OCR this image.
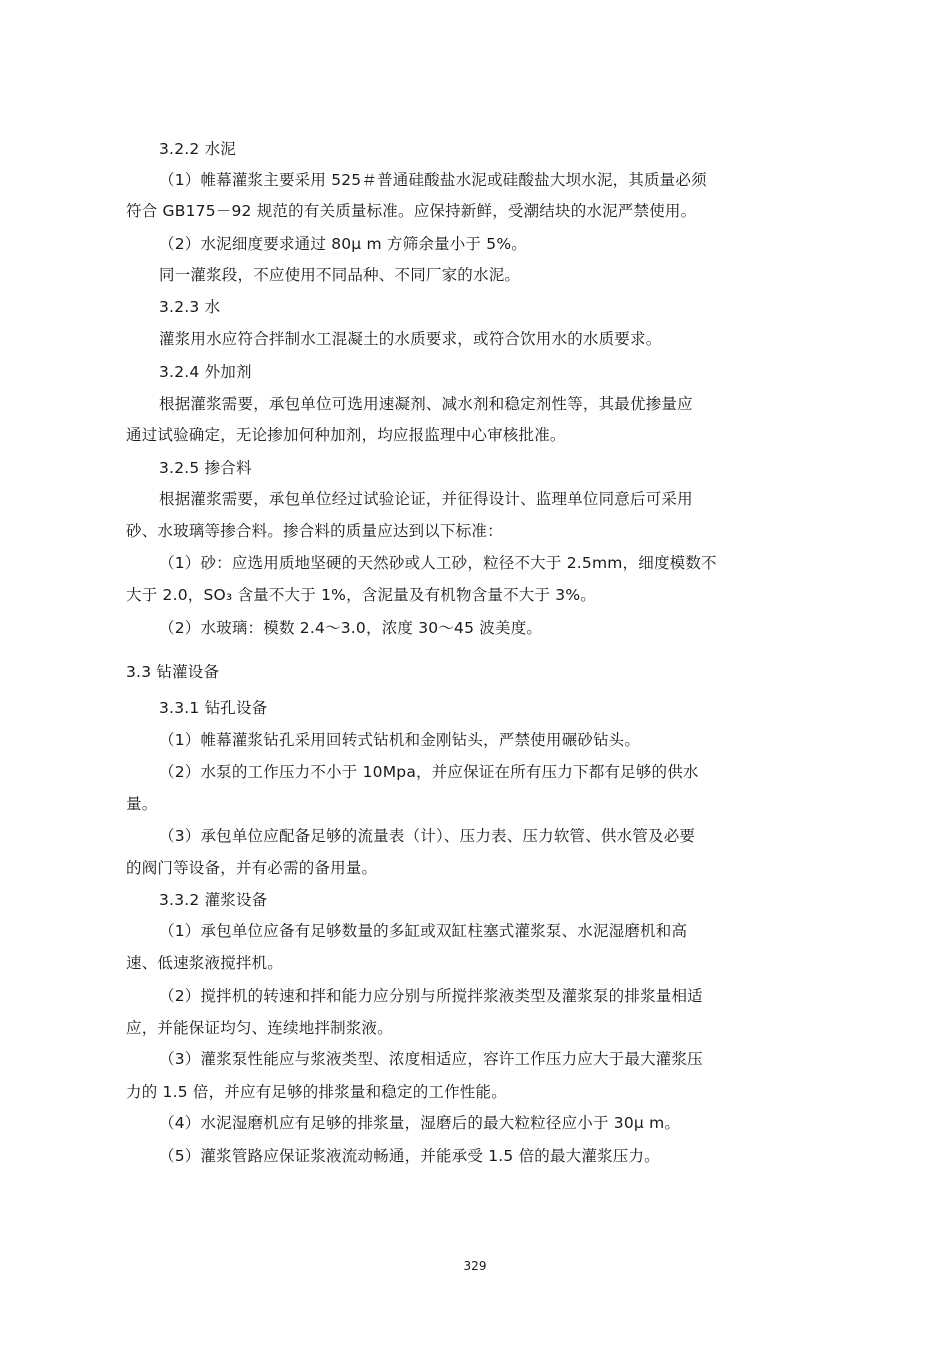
3.2.2 水泥

（1）帷幕灌浆主要采用 525＃普通硅酸盐水泥或硅酸盐大坝水泥，其质量必须

符合 GB175－92 规范的有关质量标准。应保持新鲜，受潮结块的水泥严禁使用。

（2）水泥细度要求通过 80μ m 方筛余量小于 5%。

同一灌浆段，不应使用不同品种、不同厂家的水泥。

3.2.3 水

灌浆用水应符合拌制水工混凝土的水质要求，或符合饮用水的水质要求。

3.2.4 外加剂

根据灌浆需要，承包单位可选用速凝剂、减水剂和稳定剂性等，其最优掺量应

通过试验确定，无论掺加何种加剂，均应报监理中心审核批准。

3.2.5 掺合料

根据灌浆需要，承包单位经过试验论证，并征得设计、监理单位同意后可采用

砂、水玻璃等掺合料。掺合料的质量应达到以下标准：

（1）砂：应选用质地坚硬的天然砂或人工砂，粒径不大于 2.5mm，细度模数不

大于 2.0，SO₃ 含量不大于 1%，含泥量及有机物含量不大于 3%。

（2）水玻璃：模数 2.4～3.0，浓度 30～45 波美度。

3.3 钻灌设备

3.3.1 钻孔设备

（1）帷幕灌浆钻孔采用回转式钻机和金刚钻头，严禁使用碾砂钻头。

（2）水泵的工作压力不小于 10Mpa，并应保证在所有压力下都有足够的供水

量。

（3）承包单位应配备足够的流量表（计）、压力表、压力软管、供水管及必要

的阀门等设备，并有必需的备用量。

3.3.2 灌浆设备

（1）承包单位应备有足够数量的多缸或双缸柱塞式灌浆泵、水泥湿磨机和高

速、低速浆液搅拌机。

（2）搅拌机的转速和拌和能力应分别与所搅拌浆液类型及灌浆泵的排浆量相适

应，并能保证均匀、连续地拌制浆液。

（3）灌浆泵性能应与浆液类型、浓度相适应，容许工作压力应大于最大灌浆压

力的 1.5 倍，并应有足够的排浆量和稳定的工作性能。

（4）水泥湿磨机应有足够的排浆量，湿磨后的最大粒粒径应小于 30μ m。

（5）灌浆管路应保证浆液流动畅通，并能承受 1.5 倍的最大灌浆压力。

329
